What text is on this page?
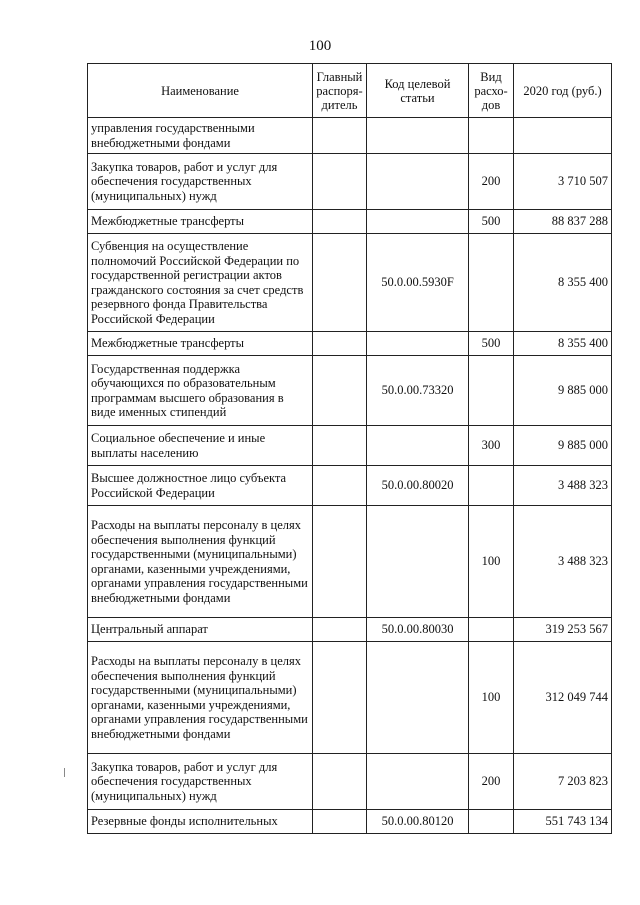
100
Наименование	Главный распоря-дитель	Код целевой статьи	Вид расхо-дов	2020 год (руб.)
управления государственными внебюджетными фондами				
Закупка товаров, работ и услуг для обеспечения государственных (муниципальных) нужд			200	3 710 507
Межбюджетные трансферты			500	88 837 288
Субвенция на осуществление полномочий Российской Федерации по государственной регистрации актов гражданского состояния за счет средств резервного фонда Правительства Российской Федерации		50.0.00.5930F		8 355 400
Межбюджетные трансферты			500	8 355 400
Государственная поддержка обучающихся по образовательным программам высшего образования в виде именных стипендий		50.0.00.73320		9 885 000
Социальное обеспечение и иные выплаты населению			300	9 885 000
Высшее должностное лицо субъекта Российской Федерации		50.0.00.80020		3 488 323
Расходы на выплаты персоналу в целях обеспечения выполнения функций государственными (муниципальными) органами, казенными учреждениями, органами управления государственными внебюджетными фондами			100	3 488 323
Центральный аппарат		50.0.00.80030		319 253 567
Расходы на выплаты персоналу в целях обеспечения выполнения функций государственными (муниципальными) органами, казенными учреждениями, органами управления государственными внебюджетными фондами			100	312 049 744
Закупка товаров, работ и услуг для обеспечения государственных (муниципальных) нужд			200	7 203 823
Резервные фонды исполнительных		50.0.00.80120		551 743 134
